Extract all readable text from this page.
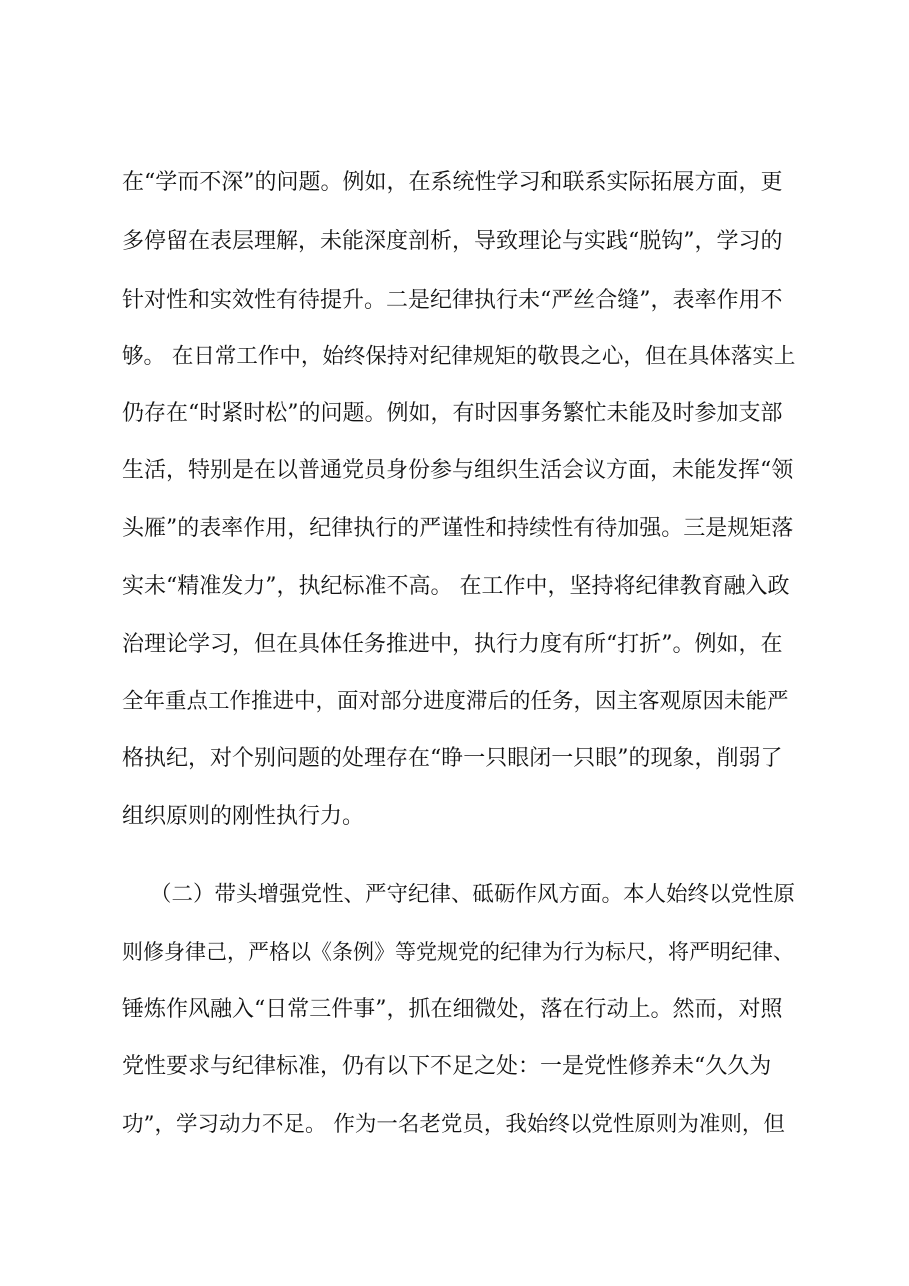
在“学而不深”的问题。例如，在系统性学习和联系实际拓展方面，更
多停留在表层理解，未能深度剖析，导致理论与实践“脱钩”，学习的
针对性和实效性有待提升。二是纪律执行未“严丝合缝”，表率作用不
够。 在日常工作中，始终保持对纪律规矩的敬畏之心，但在具体落实上
仍存在“时紧时松”的问题。例如，有时因事务繁忙未能及时参加支部
生活，特别是在以普通党员身份参与组织生活会议方面，未能发挥“领
头雁”的表率作用，纪律执行的严谨性和持续性有待加强。三是规矩落
实未“精准发力”，执纪标准不高。 在工作中，坚持将纪律教育融入政
治理论学习，但在具体任务推进中，执行力度有所“打折”。例如，在
全年重点工作推进中，面对部分进度滞后的任务，因主客观原因未能严
格执纪，对个别问题的处理存在“睁一只眼闭一只眼”的现象，削弱了
组织原则的刚性执行力。
（二）带头增强党性、严守纪律、砥砺作风方面。本人始终以党性原
则修身律己，严格以《条例》等党规党的纪律为行为标尺，将严明纪律、
锤炼作风融入“日常三件事”，抓在细微处，落在行动上。然而，对照
党性要求与纪律标准，仍有以下不足之处：一是党性修养未“久久为
功”，学习动力不足。 作为一名老党员，我始终以党性原则为准则，但
